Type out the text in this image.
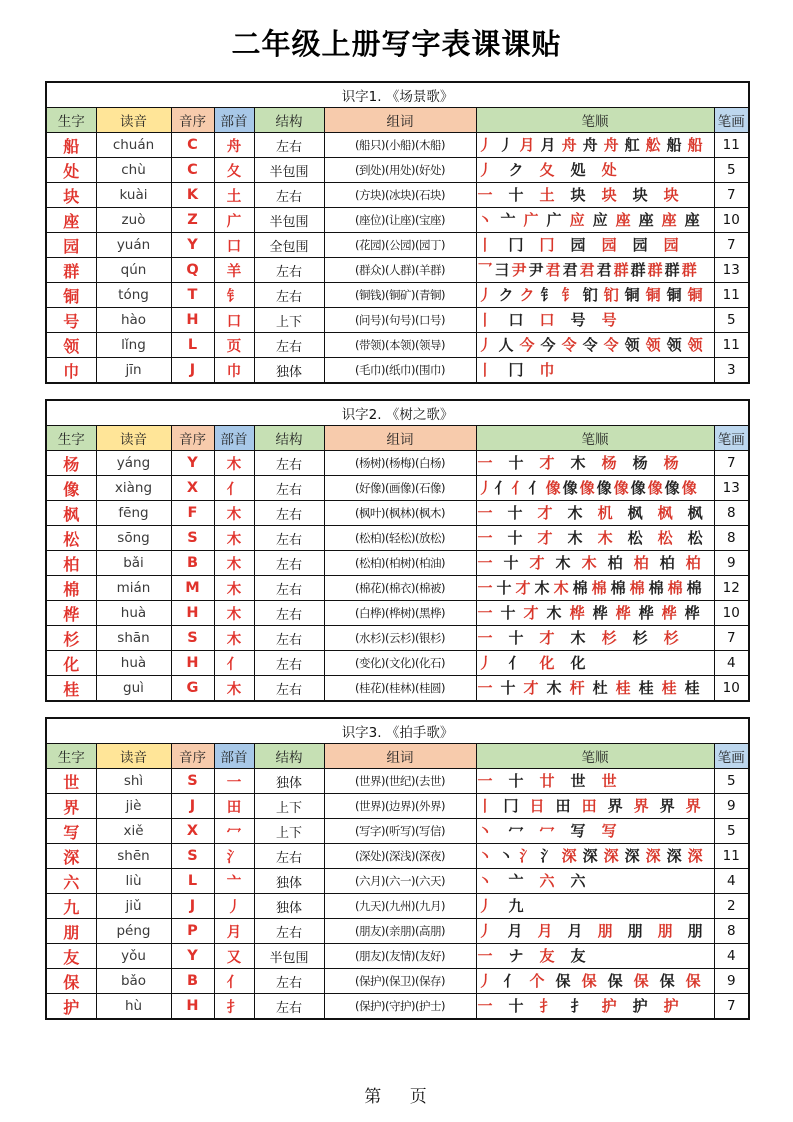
二年级上册写字表课课贴
识字1. 《场景歌》							
生字	读音	音序	部首	结构	组词	笔顺	笔画
船	chuán	C	舟	左右	(船只)(小船)(木船)	丿 丿 月 月 舟 舟 舟 舡 舩 船 船	11
处	chù	C	夂	半包围	(到处)(用处)(好处)	丿 ク 夂 処 处	5
块	kuài	K	土	左右	(方块)(冰块)(石块)	一 十 土 块 块 块 块	7
座	zuò	Z	广	半包围	(座位)(让座)(宝座)	丶 亠 广 广 应 应 座 座 座 座	10
园	yuán	Y	口	全包围	(花园)(公园)(园丁)	丨 冂 冂 园 园 园 园	7
群	qún	Q	羊	左右	(群众)(人群)(羊群)	乛 彐 尹 尹 君 君 君 君 群 群 群 群 群	13
铜	tóng	T	钅	左右	(铜钱)(铜矿)(青铜)	丿 ク ク 钅 钅 钔 钔 铜 铜 铜 铜	11
号	hào	H	口	上下	(问号)(句号)(口号)	丨 口 口 号 号	5
领	lǐng	L	页	左右	(带领)(本领)(领导)	丿 人 今 今 令 令 令 领 领 领 领	11
巾	jīn	J	巾	独体	(毛巾)(纸巾)(围巾)	丨 冂 巾	3
识字2. 《树之歌》							
生字	读音	音序	部首	结构	组词	笔顺	笔画
杨	yáng	Y	木	左右	(杨树)(杨梅)(白杨)	一 十 才 木 杨 杨 杨	7
像	xiàng	X	亻	左右	(好像)(画像)(石像)	丿 亻 亻 亻 像 像 像 像 像 像 像 像 像	13
枫	fēng	F	木	左右	(枫叶)(枫林)(枫木)	一 十 才 木 机 枫 枫 枫	8
松	sōng	S	木	左右	(松柏)(轻松)(放松)	一 十 才 木 木 松 松 松	8
柏	bǎi	B	木	左右	(松柏)(柏树)(柏油)	一 十 才 木 木 柏 柏 柏 柏	9
棉	mián	M	木	左右	(棉花)(棉衣)(棉被)	一 十 才 木 木 棉 棉 棉 棉 棉 棉 棉	12
桦	huà	H	木	左右	(白桦)(桦树)(黑桦)	一 十 才 木 桦 桦 桦 桦 桦 桦	10
杉	shān	S	木	左右	(水杉)(云杉)(银杉)	一 十 才 木 杉 杉 杉	7
化	huà	H	亻	左右	(变化)(文化)(化石)	丿 亻 化 化	4
桂	guì	G	木	左右	(桂花)(桂林)(桂圆)	一 十 才 木 杆 杜 桂 桂 桂 桂	10
识字3. 《拍手歌》							
生字	读音	音序	部首	结构	组词	笔顺	笔画
世	shì	S	一	独体	(世界)(世纪)(去世)	一 十 廿 世 世	5
界	jiè	J	田	上下	(世界)(边界)(外界)	丨 冂 日 田 田 界 界 界 界	9
写	xiě	X	冖	上下	(写字)(听写)(写信)	丶 冖 冖 写 写	5
深	shēn	S	氵	左右	(深处)(深浅)(深夜)	丶 丶 氵 氵 深 深 深 深 深 深 深	11
六	liù	L	亠	独体	(六月)(六一)(六天)	丶 亠 六 六	4
九	jiǔ	J	丿	独体	(九天)(九州)(九月)	丿 九	2
朋	péng	P	月	左右	(朋友)(亲朋)(高朋)	丿 月 月 月 朋 朋 朋 朋	8
友	yǒu	Y	又	半包围	(朋友)(友情)(友好)	一 ナ 友 友	4
保	bǎo	B	亻	左右	(保护)(保卫)(保存)	丿 亻 个 保 保 保 保 保 保	9
护	hù	H	扌	左右	(保护)(守护)(护士)	一 十 扌 扌 护 护 护	7
第　 页
